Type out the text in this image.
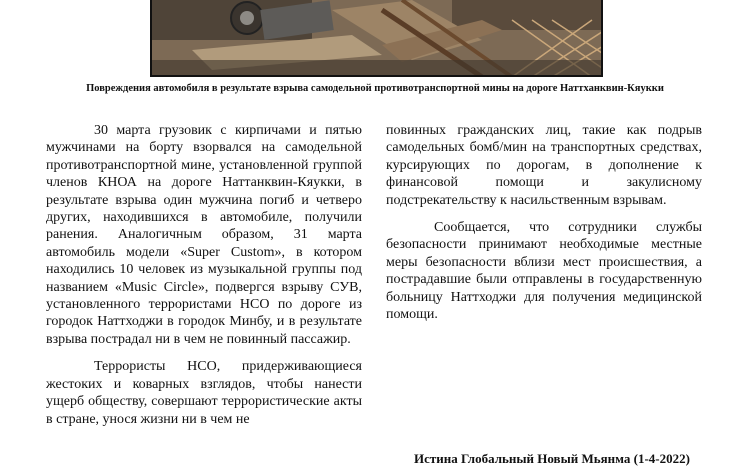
Повреждения автомобиля в результате взрыва самодельной противотранспортной мины на дороге Наттханквин-Кяукки

30 марта грузовик с кирпичами и пятью мужчинами на борту взорвался на самодельной противотранспортной мине, установленной группой членов КНОА на дороге Наттанквин-Кяукки, в результате взрыва один мужчина погиб и четверо других, находившихся в автомобиле, получили ранения. Аналогичным образом, 31 марта автомобиль модели «Super Custom», в котором находились 10 человек из музыкальной группы под названием «Music Circle», подвергся взрыву СУВ, установленного террористами НСО по дороге из городок Наттходжи в городок Минбу, и в результате взрыва пострадал ни в чем не повинный пассажир.

Террористы НСО, придерживающиеся жестоких и коварных взглядов, чтобы нанести ущерб обществу, совершают террористические акты в стране, унося жизни ни в чем не

повинных гражданских лиц, такие как подрыв самодельных бомб/мин на транспортных средствах, курсирующих по дорогам, в дополнение к финансовой помощи и закулисному подстрекательству к насильственным взрывам.

Сообщается, что сотрудники службы безопасности принимают необходимые местные меры безопасности вблизи мест происшествия, а пострадавшие были отправлены в государственную больницу Наттходжи для получения медицинской помощи.

Истина Глобальный Новый Мьянма (1-4-2022)
